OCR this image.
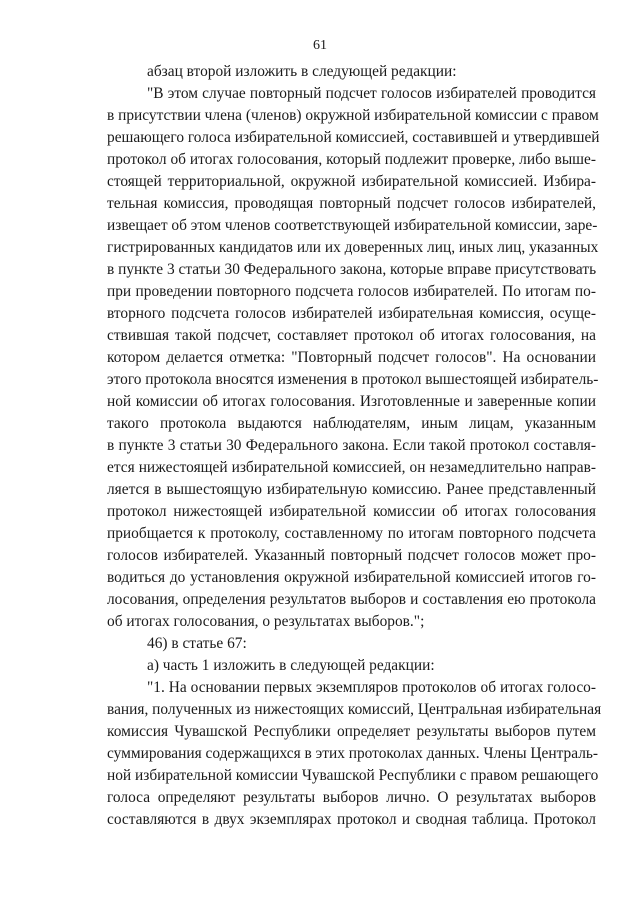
61
абзац второй изложить в следующей редакции:
"В этом случае повторный подсчет голосов избирателей проводится
в присутствии члена (членов) окружной избирательной комиссии с правом
решающего голоса избирательной комиссией, составившей и утвердившей
протокол об итогах голосования, который подлежит проверке, либо выше-
стоящей территориальной, окружной избирательной комиссией. Избира-
тельная комиссия, проводящая повторный подсчет голосов избирателей,
извещает об этом членов соответствующей избирательной комиссии, заре-
гистрированных кандидатов или их доверенных лиц, иных лиц, указанных
в пункте 3 статьи 30 Федерального закона, которые вправе присутствовать
при проведении повторного подсчета голосов избирателей. По итогам по-
вторного подсчета голосов избирателей избирательная комиссия, осуще-
ствившая такой подсчет, составляет протокол об итогах голосования, на
котором делается отметка: "Повторный подсчет голосов". На основании
этого протокола вносятся изменения в протокол вышестоящей избиратель-
ной комиссии об итогах голосования. Изготовленные и заверенные копии
такого протокола выдаются наблюдателям, иным лицам, указанным
в пункте 3 статьи 30 Федерального закона. Если такой протокол составля-
ется нижестоящей избирательной комиссией, он незамедлительно направ-
ляется в вышестоящую избирательную комиссию. Ранее представленный
протокол нижестоящей избирательной комиссии об итогах голосования
приобщается к протоколу, составленному по итогам повторного подсчета
голосов избирателей. Указанный повторный подсчет голосов может про-
водиться до установления окружной избирательной комиссией итогов го-
лосования, определения результатов выборов и составления ею протокола
об итогах голосования, о результатах выборов.";
46) в статье 67:
а) часть 1 изложить в следующей редакции:
"1. На основании первых экземпляров протоколов об итогах голосо-
вания, полученных из нижестоящих комиссий, Центральная избирательная
комиссия Чувашской Республики определяет результаты выборов путем
суммирования содержащихся в этих протоколах данных. Члены Централь-
ной избирательной комиссии Чувашской Республики с правом решающего
голоса определяют результаты выборов лично. О результатах выборов
составляются в двух экземплярах протокол и сводная таблица. Протокол
